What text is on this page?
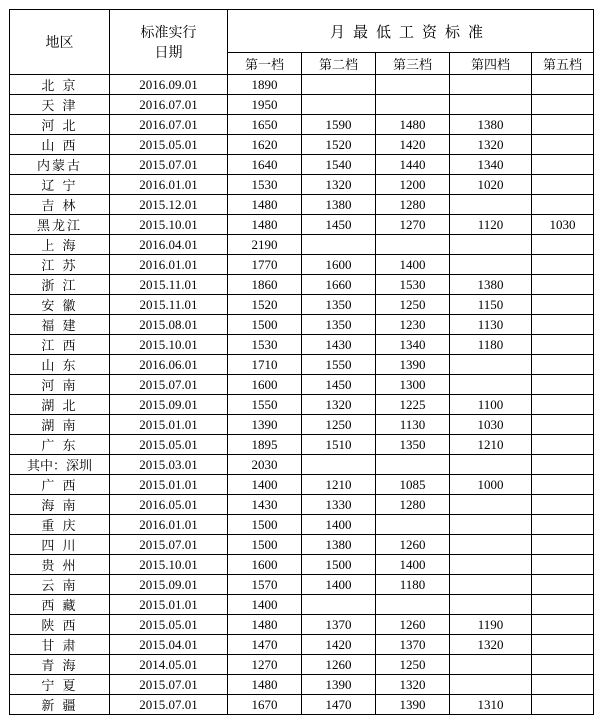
地区	标准实行
日期	月最低工资标准				
		第一档	第二档	第三档	第四档	第五档
北 京	2016.09.01	1890				
天 津	2016.07.01	1950				
河 北	2016.07.01	1650	1590	1480	1380	
山 西	2015.05.01	1620	1520	1420	1320	
内蒙古	2015.07.01	1640	1540	1440	1340	
辽 宁	2016.01.01	1530	1320	1200	1020	
吉 林	2015.12.01	1480	1380	1280		
黑龙江	2015.10.01	1480	1450	1270	1120	1030
上 海	2016.04.01	2190				
江 苏	2016.01.01	1770	1600	1400		
浙 江	2015.11.01	1860	1660	1530	1380	
安 徽	2015.11.01	1520	1350	1250	1150	
福 建	2015.08.01	1500	1350	1230	1130	
江 西	2015.10.01	1530	1430	1340	1180	
山 东	2016.06.01	1710	1550	1390		
河 南	2015.07.01	1600	1450	1300		
湖 北	2015.09.01	1550	1320	1225	1100	
湖 南	2015.01.01	1390	1250	1130	1030	
广 东	2015.05.01	1895	1510	1350	1210	
其中：深圳	2015.03.01	2030				
广 西	2015.01.01	1400	1210	1085	1000	
海 南	2016.05.01	1430	1330	1280		
重 庆	2016.01.01	1500	1400			
四 川	2015.07.01	1500	1380	1260		
贵 州	2015.10.01	1600	1500	1400		
云 南	2015.09.01	1570	1400	1180		
西 藏	2015.01.01	1400				
陕 西	2015.05.01	1480	1370	1260	1190	
甘 肃	2015.04.01	1470	1420	1370	1320	
青 海	2014.05.01	1270	1260	1250		
宁 夏	2015.07.01	1480	1390	1320		
新 疆	2015.07.01	1670	1470	1390	1310	
